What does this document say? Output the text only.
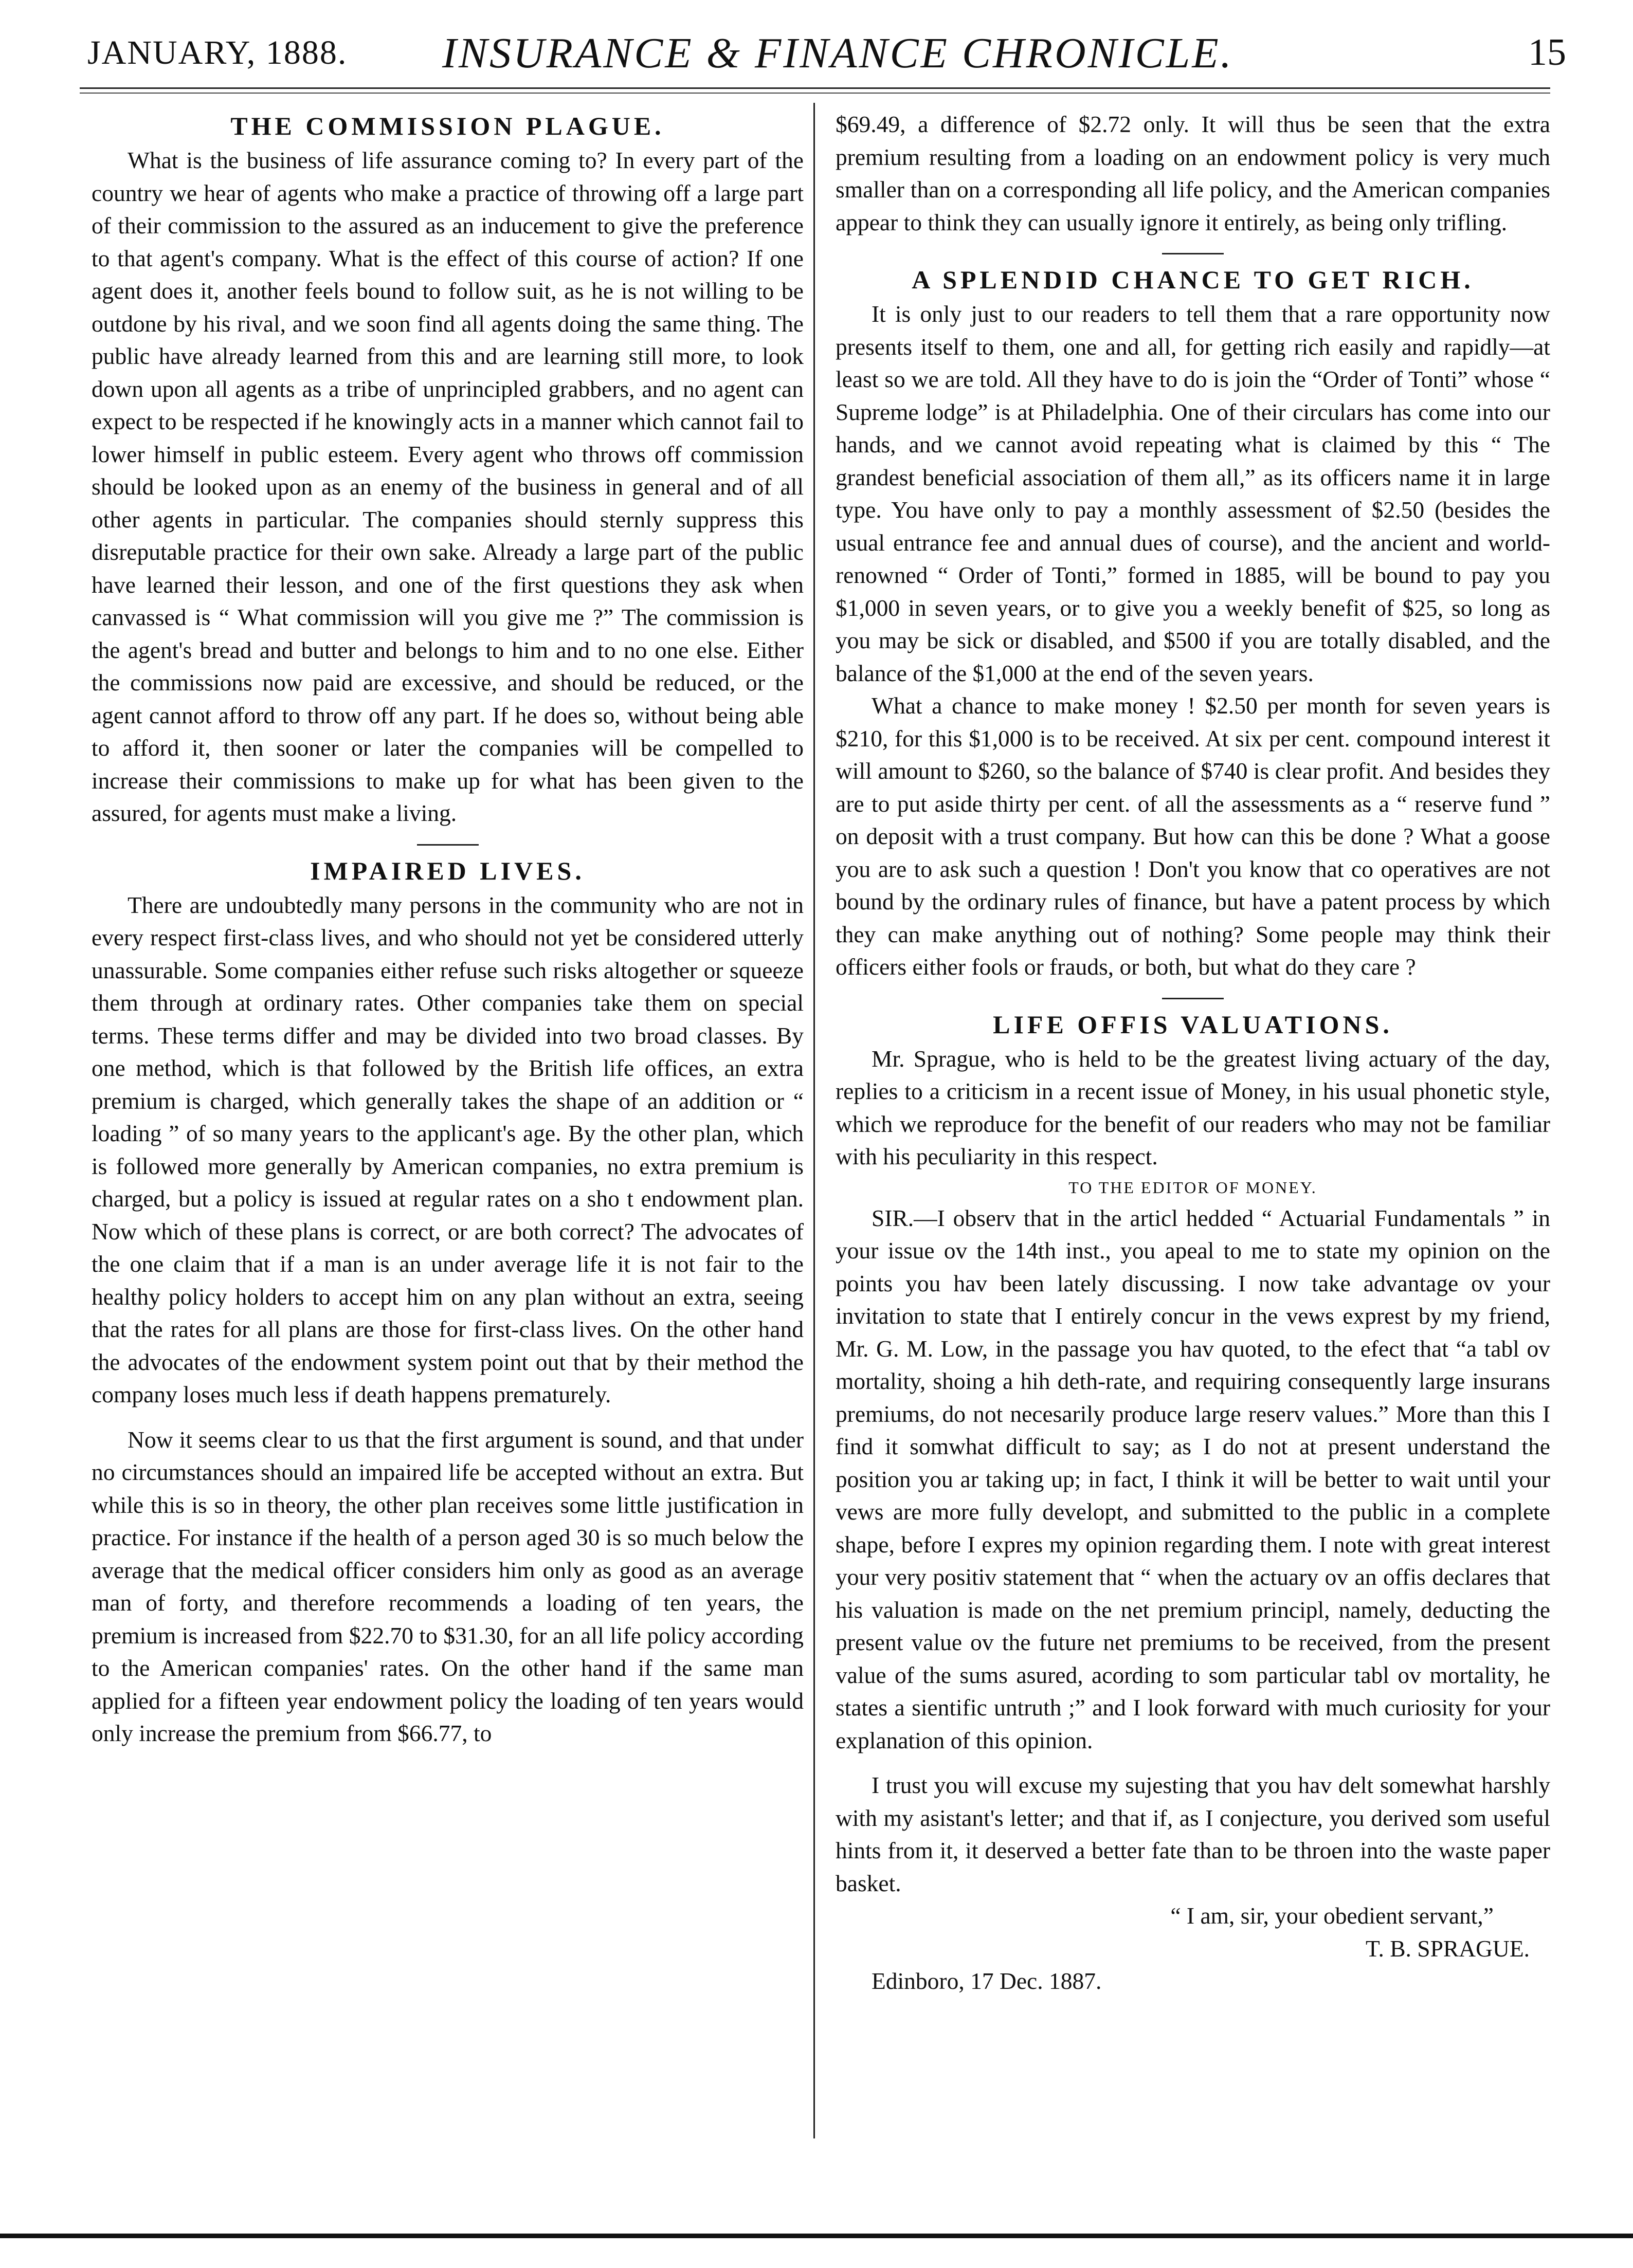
JANUARY, 1888. INSURANCE & FINANCE CHRONICLE.	15
THE COMMISSION PLAGUE.

What is the business of life assurance coming to? In every part of the country we hear of agents who make a practice of throwing off a large part of their commission to the assured as an inducement to give the preference to that agent's company. What is the effect of this course of action? If one agent does it, another feels bound to follow suit, as he is not willing to be outdone by his rival, and we soon find all agents doing the same thing. The public have already learned from this and are learning still more, to look down upon all agents as a tribe of unprincipled grabbers, and no agent can expect to be respected if he knowingly acts in a manner which cannot fail to lower himself in public esteem. Every agent who throws off commission should be looked upon as an enemy of the business in general and of all other agents in particular. The companies should sternly suppress this disreputable practice for their own sake. Already a large part of the public have learned their lesson, and one of the first questions they ask when canvassed is “ What commission will you give me ?” The commission is the agent's bread and butter and belongs to him and to no one else. Either the commissions now paid are excessive, and should be reduced, or the agent cannot afford to throw off any part. If he does so, without being able to afford it, then sooner or later the companies will be compelled to increase their commissions to make up for what has been given to the assured, for agents must make a living.

IMPAIRED LIVES.

There are undoubtedly many persons in the community who are not in every respect first-class lives, and who should not yet be considered utterly unassurable. Some companies either refuse such risks altogether or squeeze them through at ordinary rates. Other companies take them on special terms. These terms differ and may be divided into two broad classes. By one method, which is that followed by the British life offices, an extra premium is charged, which generally takes the shape of an addition or “ loading ” of so many years to the applicant's age. By the other plan, which is followed more generally by American companies, no extra premium is charged, but a policy is issued at regular rates on a sho t endowment plan. Now which of these plans is correct, or are both correct? The advocates of the one claim that if a man is an under average life it is not fair to the healthy policy holders to accept him on any plan without an extra, seeing that the rates for all plans are those for first-class lives. On the other hand the advocates of the endowment system point out that by their method the company loses much less if death happens prematurely.

Now it seems clear to us that the first argument is sound, and that under no circumstances should an impaired life be accepted without an extra. But while this is so in theory, the other plan receives some little justification in practice. For instance if the health of a person aged 30 is so much below the average that the medical officer considers him only as good as an average man of forty, and therefore recommends a loading of ten years, the premium is increased from $22.70 to $31.30, for an all life policy according to the American companies' rates. On the other hand if the same man applied for a fifteen year endowment policy the loading of ten years would only increase the premium from $66.77, to

$69.49, a difference of $2.72 only. It will thus be seen that the extra premium resulting from a loading on an endowment policy is very much smaller than on a corresponding all life policy, and the American companies appear to think they can usually ignore it entirely, as being only trifling.

A SPLENDID CHANCE TO GET RICH.

It is only just to our readers to tell them that a rare opportunity now presents itself to them, one and all, for getting rich easily and rapidly—at least so we are told. All they have to do is join the “Order of Tonti” whose “ Supreme lodge” is at Philadelphia. One of their circulars has come into our hands, and we cannot avoid repeating what is claimed by this “ The grandest beneficial association of them all,” as its officers name it in large type. You have only to pay a monthly assessment of $2.50 (besides the usual entrance fee and annual dues of course), and the ancient and world-renowned “ Order of Tonti,” formed in 1885, will be bound to pay you $1,000 in seven years, or to give you a weekly benefit of $25, so long as you may be sick or disabled, and $500 if you are totally disabled, and the balance of the $1,000 at the end of the seven years.

What a chance to make money ! $2.50 per month for seven years is $210, for this $1,000 is to be received. At six per cent. compound interest it will amount to $260, so the balance of $740 is clear profit. And besides they are to put aside thirty per cent. of all the assessments as a “ reserve fund ” on deposit with a trust company. But how can this be done ? What a goose you are to ask such a question ! Don't you know that co operatives are not bound by the ordinary rules of finance, but have a patent process by which they can make anything out of nothing? Some people may think their officers either fools or frauds, or both, but what do they care ?

LIFE OFFIS VALUATIONS.

Mr. Sprague, who is held to be the greatest living actuary of the day, replies to a criticism in a recent issue of Money, in his usual phonetic style, which we reproduce for the benefit of our readers who may not be familiar with his peculiarity in this respect.

TO THE EDITOR OF MONEY.

SIR.—I observ that in the articl hedded “ Actuarial Fundamentals ” in your issue ov the 14th inst., you apeal to me to state my opinion on the points you hav been lately discussing. I now take advantage ov your invitation to state that I entirely concur in the vews exprest by my friend, Mr. G. M. Low, in the passage you hav quoted, to the efect that “a tabl ov mortality, shoing a hih deth-rate, and requiring consequently large insurans premiums, do not necesarily produce large reserv values.” More than this I find it somwhat difficult to say; as I do not at present understand the position you ar taking up; in fact, I think it will be better to wait until your vews are more fully developt, and submitted to the public in a complete shape, before I expres my opinion regarding them. I note with great interest your very positiv statement that “ when the actuary ov an offis declares that his valuation is made on the net premium principl, namely, deducting the present value ov the future net premiums to be received, from the present value of the sums asured, acording to som particular tabl ov mortality, he states a sientific untruth ;” and I look forward with much curiosity for your explanation of this opinion.

I trust you will excuse my sujesting that you hav delt somewhat harshly with my asistant's letter; and that if, as I conjecture, you derived som useful hints from it, it deserved a better fate than to be throen into the waste paper basket.

“ I am, sir, your obedient servant,”

T. B. SPRAGUE.

Edinboro, 17 Dec. 1887.
